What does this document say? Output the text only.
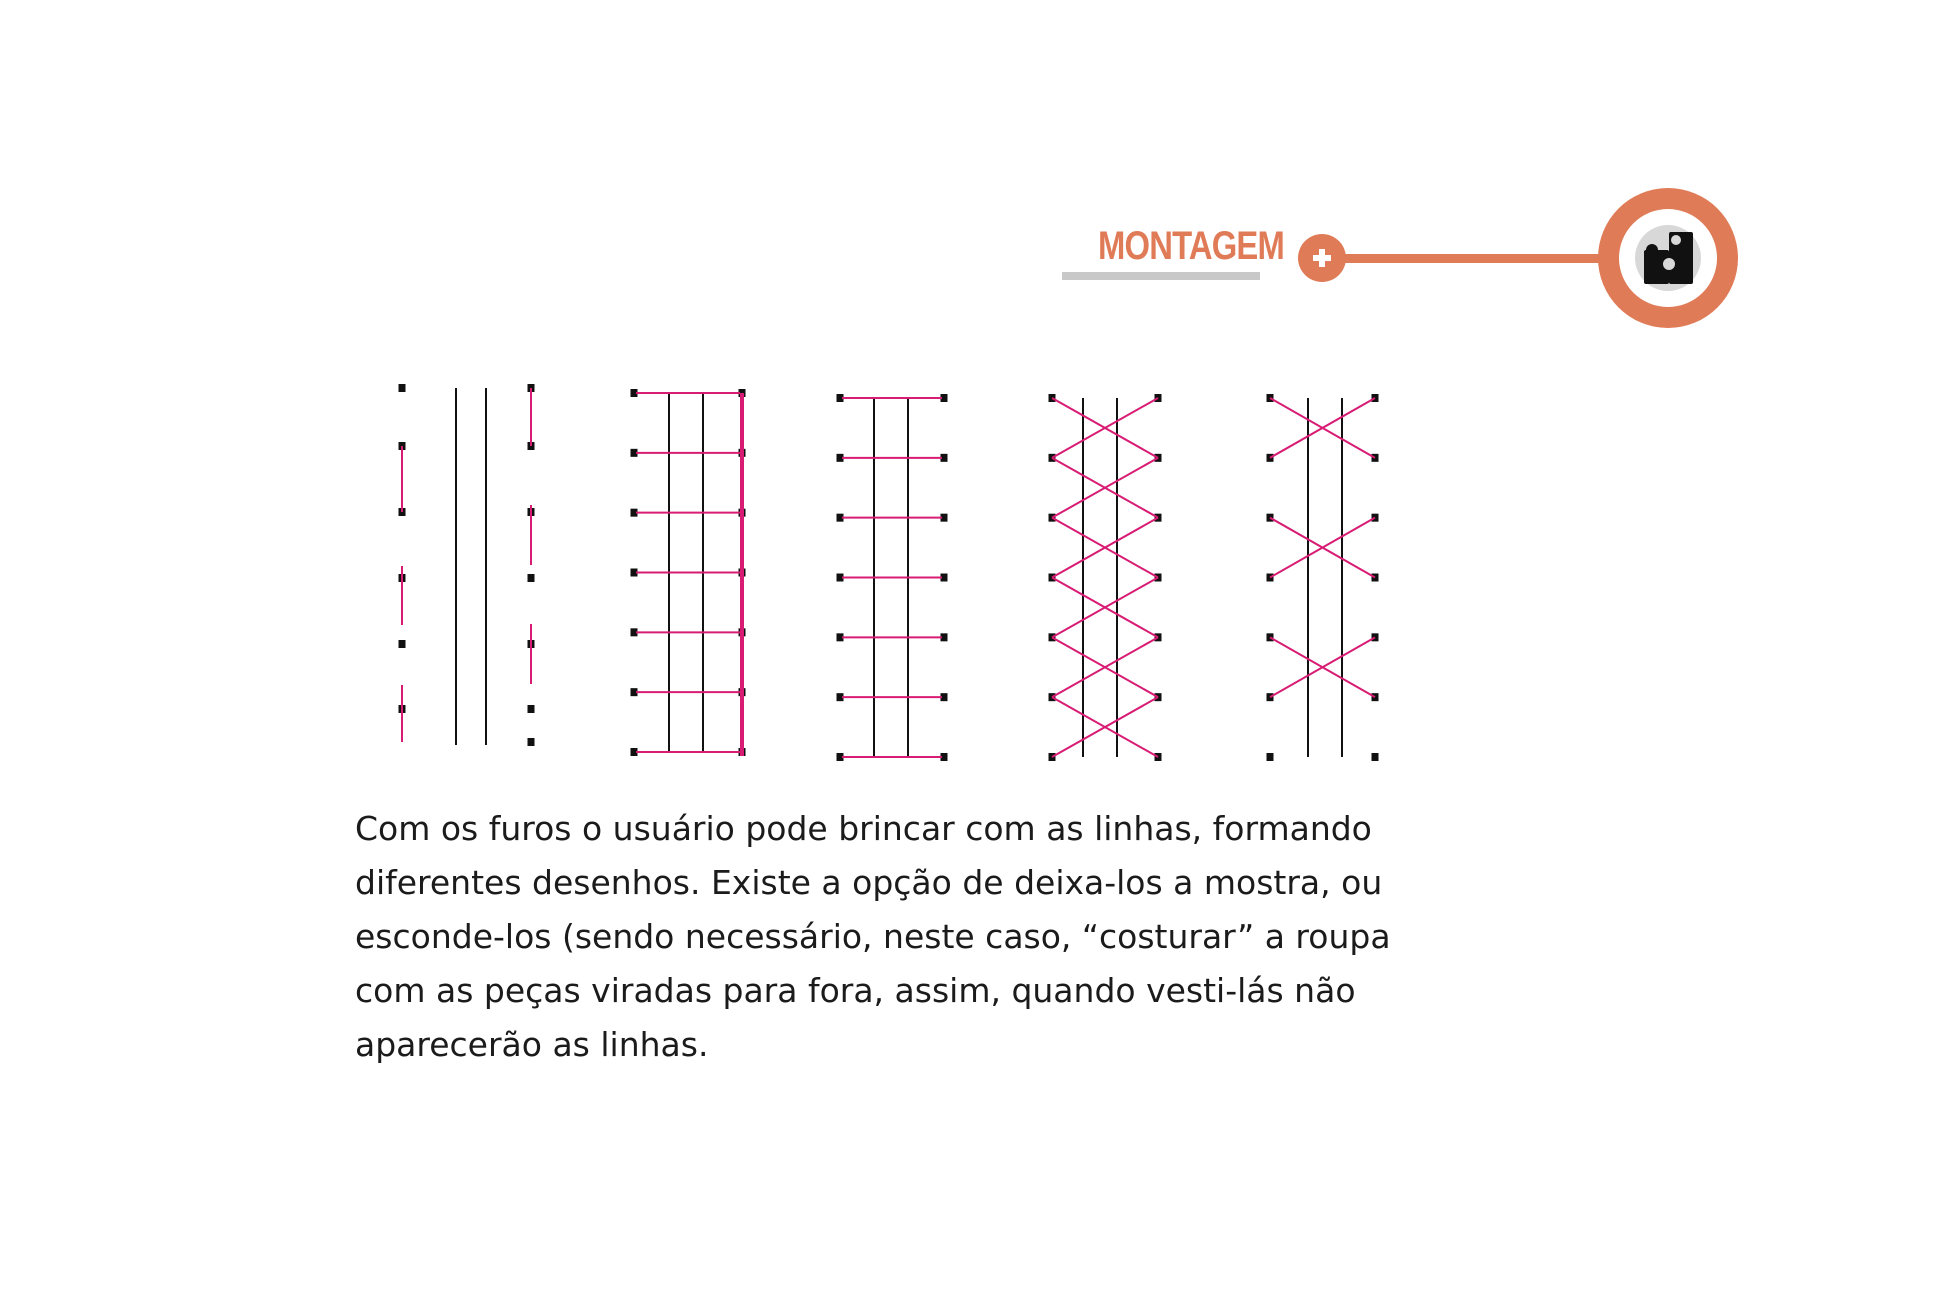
MONTAGEM

Com os furos o usuário pode brincar com as linhas, formando
diferentes desenhos. Existe a opção de deixa-los a mostra, ou
esconde-los (sendo necessário, neste caso, “costurar” a roupa
com as peças viradas para fora, assim, quando vesti-lás não
aparecerão as linhas.
